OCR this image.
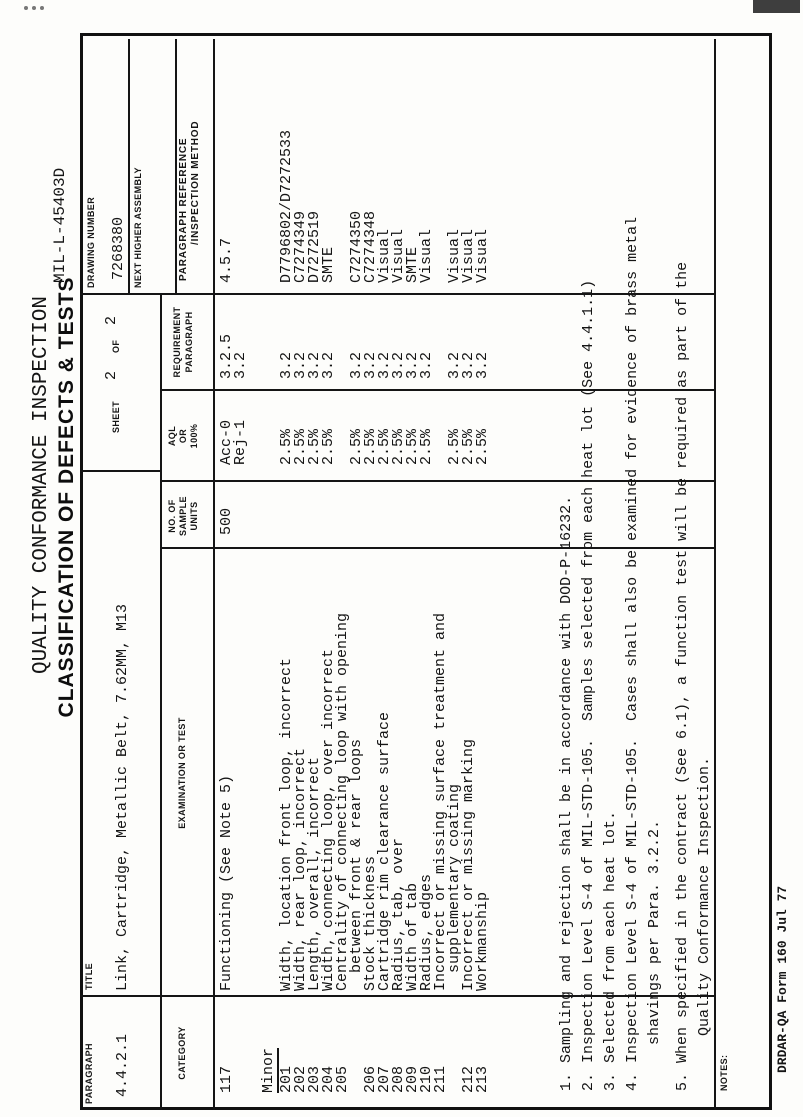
QUALITY CONFORMANCE INSPECTION CLASSIFICATION OF DEFECTS & TESTS
MIL-L-45403D
PARAGRAPH 4.4.2.1
TITLE Link, Cartridge, Metallic Belt, 7.62MM, M13
SHEET
2
OF
2
DRAWING NUMBER 7268380 NEXT HIGHER ASSEMBLY
CATEGORY
EXAMINATION OR TEST
NO. OF SAMPLE UNITS
AQL OR 100%
REQUIREMENT PARAGRAPH
PARAGRAPH REFERENCE /INSPECTION METHOD
117
Functioning (See Note 5)
500
Acc-0
Rej-1
3.2.5
3.2
4.5.7
Minor 201
Width, location front loop, incorrect
2.5%
3.2
D7796802/D7272533
202
Width, rear loop, incorrect
2.5%
3.2
C7274349
203
Length, overall, incorrect
2.5%
3.2
D7272519
204
Width, connecting loop, over incorrect
2.5%
3.2
SMTE
205
Centrality of connecting loop with opening
between front & rear loops
2.5%
3.2
C7274350
206
Stock thickness
2.5%
3.2
C7274348
207
Cartridge rim clearance surface
2.5%
3.2
Visual
208
Radius, tab, over
2.5%
3.2
Visual
209
Width of tab
2.5%
3.2
SMTE
210
Radius, edges
2.5%
3.2
Visual
211
Incorrect or missing surface treatment and
supplementary coating
2.5%
3.2
Visual
212
Incorrect or missing marking
2.5%
3.2
Visual
213
Workmanship
2.5%
3.2
Visual
1.
Sampling and rejection shall be in accordance with DOD-P-16232.
2.
Inspection Level S-4 of MIL-STD-105.  Samples selected from each heat lot (See 4.4.1.1)
3.
Selected from each heat lot.
4.
Inspection Level S-4 of MIL-STD-105.  Cases shall also be examined for evidence of brass metal shavings per Para. 3.2.2.
5.
When specified in the contract (See 6.1), a function test will be required as part of the Quality Conformance Inspection.
NOTES:	DRDAR-QA Form 160 Jul 77
